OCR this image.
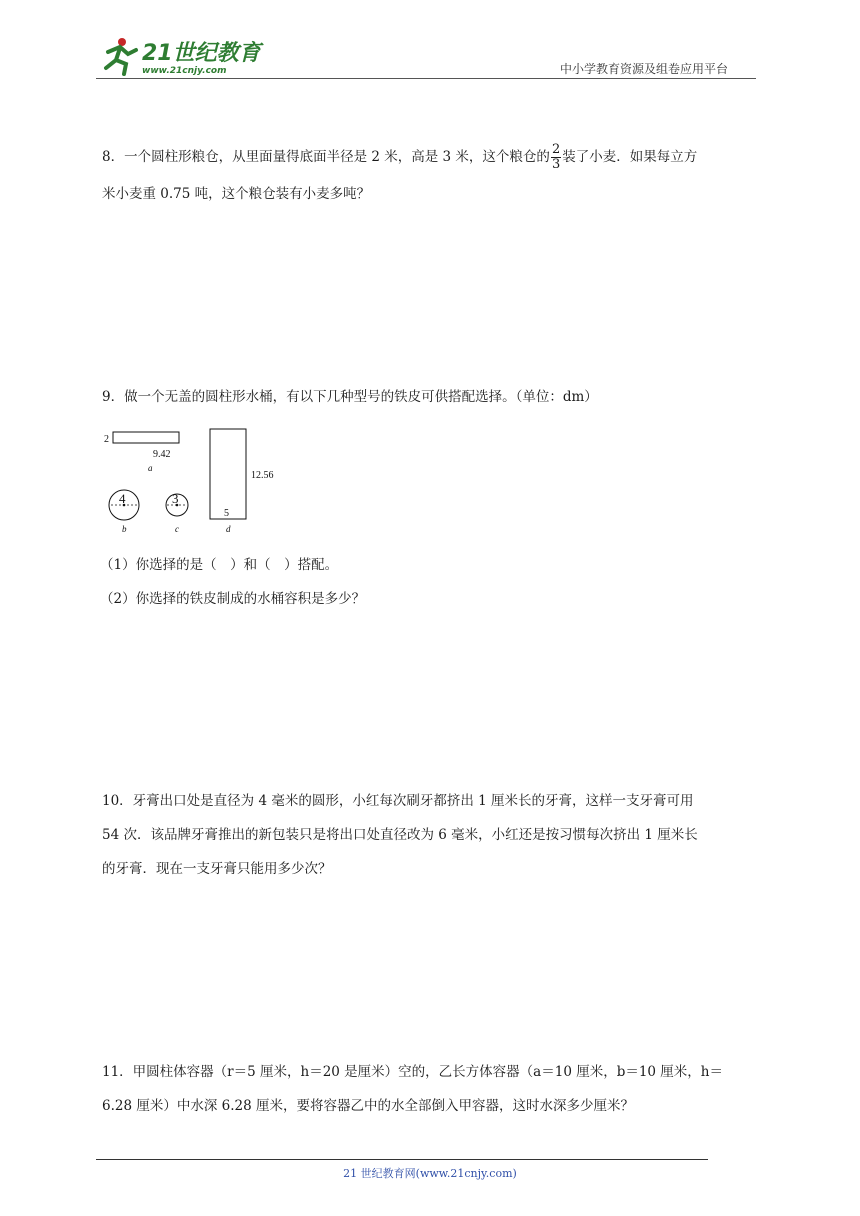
21世纪教育
www.21cnjy.com	中小学教育资源及组卷应用平台
8．一个圆柱形粮仓，从里面量得底面半径是 2 米，高是 3 米，这个粮仓的 $\frac{2}{3}$ 装了小麦．如果每立方
米小麦重 0.75 吨，这个粮仓装有小麦多吨？
9．做一个无盖的圆柱形水桶，有以下几种型号的铁皮可供搭配选择。（单位：dm）
2
9.42
a
4
b
3
c
12.56
5
d
（1）你选择的是（　）和（　）搭配。
（2）你选择的铁皮制成的水桶容积是多少？
10．牙膏出口处是直径为 4 毫米的圆形，小红每次刷牙都挤出 1 厘米长的牙膏，这样一支牙膏可用
54 次．该品牌牙膏推出的新包装只是将出口处直径改为 6 毫米，小红还是按习惯每次挤出 1 厘米长
的牙膏．现在一支牙膏只能用多少次？
11．甲圆柱体容器（r＝5 厘米，h＝20 是厘米）空的，乙长方体容器（a＝10 厘米，b＝10 厘米，h＝
6.28 厘米）中水深 6.28 厘米，要将容器乙中的水全部倒入甲容器，这时水深多少厘米？
21 世纪教育网(www.21cnjy.com)
